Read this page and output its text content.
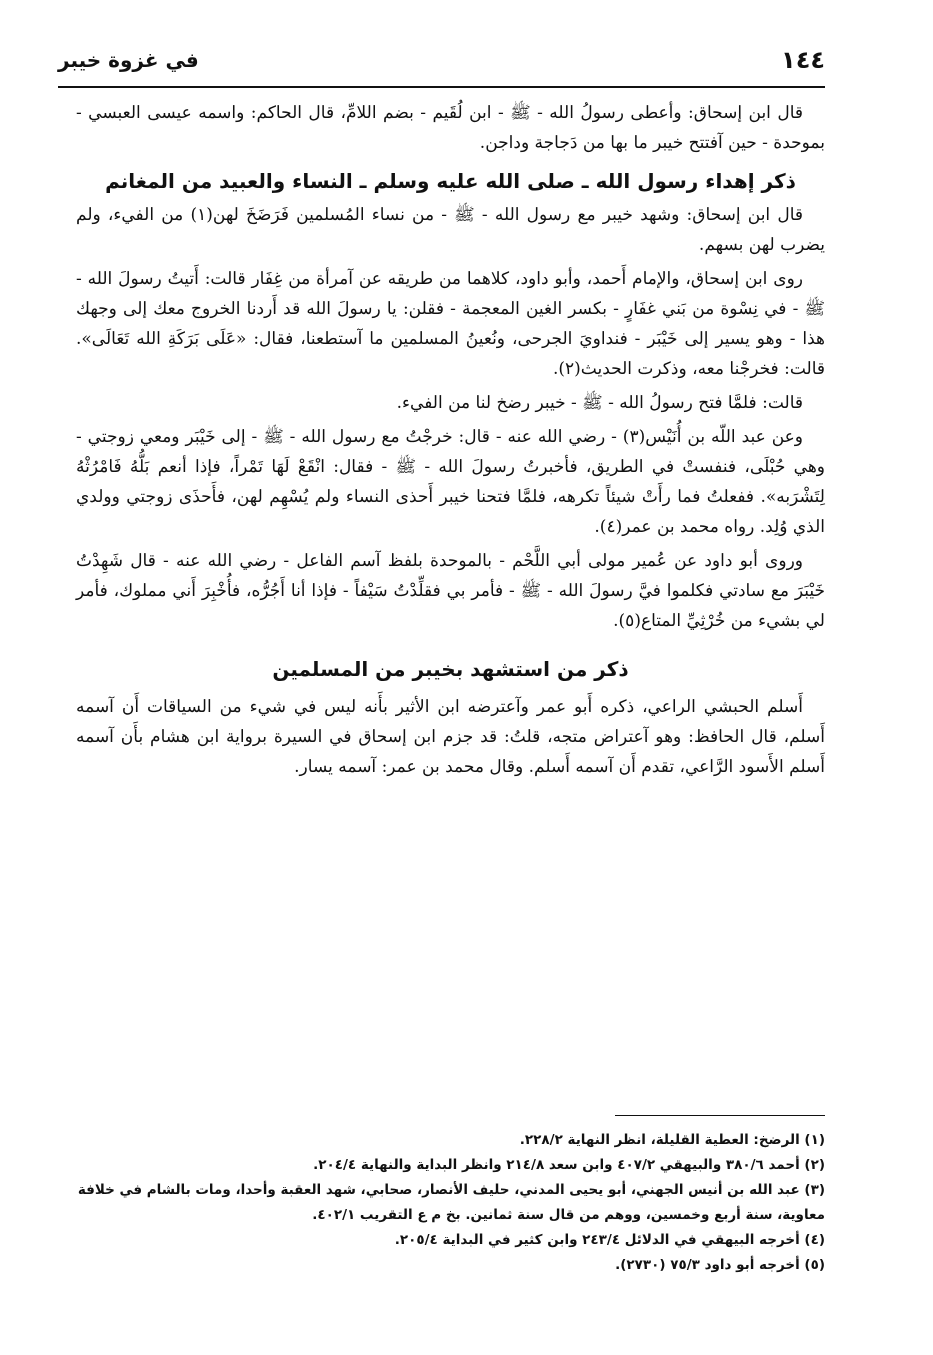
١٤٤
في غزوة خيبر

قال ابن إسحاق: وأعطى رسولُ الله - ﷺ - ابن لُقَيم - بضم اللامِّ، قال الحاكم: واسمه عيسى العبسي - بموحدة - حين آفتتح خيبر ما بها من دَجاجة وداجن.

ذكر إهداء رسول الله ـ صلى الله عليه وسلم ـ النساء والعبيد من المغانم

قال ابن إسحاق: وشهد خيبر مع رسول الله - ﷺ - من نساء المُسلمين فَرَضَخَ لهن(١) من الفيء، ولم يضرب لهن بسهم.

روى ابن إسحاق، والإمام أَحمد، وأبو داود، كلاهما من طريقه عن آمرأة من غِفَار قالت: أَتيتُ رسولَ الله - ﷺ - في نِسْوة من بَني غفَارٍ - بكسر الغين المعجمة - فقلن: يا رسولَ الله قد أَردنا الخروج معك إلى وجهك هذا - وهو يسير إلى خَيْبَر - فنداويَ الجرحى، ونُعينُ المسلمين ما آستطعنا، فقال: «عَلَى بَرَكَةِ الله تَعَالَى». قالت: فخرجْنا معه، وذكرت الحديث(٢).

قالت: فلمَّا فتح رسولُ الله - ﷺ - خيبر رضخ لنا من الفيء.

وعن عبد اللّه بن أُنَيْس(٣) - رضي الله عنه - قال: خرجْتُ مع رسول الله - ﷺ - إلى خَيْبَر ومعي زوجتي - وهي حُبْلَى، فنفستْ في الطريق، فأخبرتُ رسولَ الله - ﷺ - فقال: انْقَعْ لَهَا تَمْراً، فإذا أنعم بَلُّهُ فَامْرُثْهُ لِتَشْرَبه». ففعلتُ فما رأَتْ شيئاً تكرهه، فلمَّا فتحنا خيبر أَحذى النساء ولم يُسْهِم لهن، فأَحذَى زوجتي وولدي الذي وُلِد. رواه محمد بن عمر(٤).

وروى أبو داود عن عُمير مولى أبي اللَّحْم - بالموحدة بلفظ آسم الفاعل - رضي الله عنه - قال شَهِدْتُ خَيْبَرَ مع سادتي فكلموا فيَّ رسولَ الله - ﷺ - فأمر بي فقلِّدْتُ سَيْفاً - فإذا أنا أَجُرُّه، فأُخْبِرَ أَني مملوك، فأمر لي بشيء من خُرْثِيِّ المتاع(٥).

ذكر من استشهد بخيبر من المسلمين

أَسلم الحبشي الراعي، ذكره أَبو عمر وآعترضه ابن الأثير بأَنه ليس في شيء من السياقات أَن آسمه أَسلم، قال الحافظ: وهو آعتراض متجه، قلتُ: قد جزم ابن إسحاق في السيرة برواية ابن هشام بأَن آسمه أَسلم الأَسود الرَّاعي، تقدم أَن آسمه أَسلم. وقال محمد بن عمر: آسمه يسار.

(١) الرضخ: العطية القليلة، انظر النهاية ٢٢٨/٢.
(٢) أحمد ٣٨٠/٦ والبيهقي ٤٠٧/٢ وابن سعد ٢١٤/٨ وانظر البداية والنهاية ٢٠٤/٤.
(٣) عبد الله بن أنيس الجهني، أبو يحيى المدني، حليف الأنصار، صحابي، شهد العقبة وأحدا، ومات بالشام في خلافة معاوية، سنة أربع وخمسين، ووهم من قال سنة ثمانين. بخ م ع التقريب ٤٠٢/١.
(٤) أخرجه البيهقي في الدلائل ٢٤٣/٤ وابن كثير في البداية ٢٠٥/٤.
(٥) أخرجه أبو داود ٧٥/٣ (٢٧٣٠).
